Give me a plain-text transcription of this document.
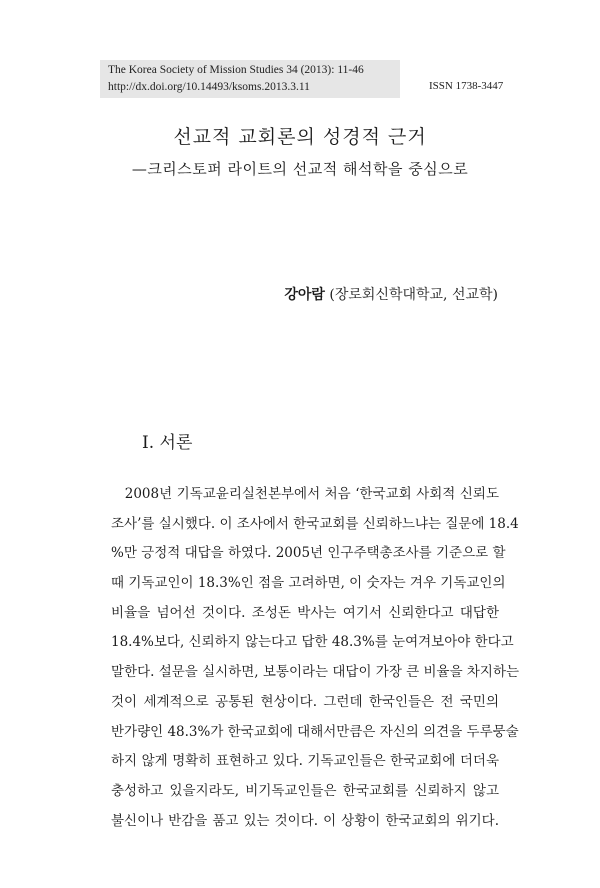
The Korea Society of Mission Studies 34 (2013): 11-46
http://dx.doi.org/10.14493/ksoms.2013.3.11	ISSN 1738-3447
선교적 교회론의 성경적 근거
—크리스토퍼 라이트의 선교적 해석학을 중심으로
강아람 (장로회신학대학교, 선교학)
Ⅰ. 서론
　2008년 기독교윤리실천본부에서 처음 ‘한국교회 사회적 신뢰도
조사’를 실시했다. 이 조사에서 한국교회를 신뢰하느냐는 질문에 18.4
%만 긍정적 대답을 하였다. 2005년 인구주택총조사를 기준으로 할
때 기독교인이 18.3%인 점을 고려하면, 이 숫자는 겨우 기독교인의
비율을 넘어선 것이다. 조성돈 박사는 여기서 신뢰한다고 대답한
18.4%보다, 신뢰하지 않는다고 답한 48.3%를 눈여겨보아야 한다고
말한다. 설문을 실시하면, 보통이라는 대답이 가장 큰 비율을 차지하는
것이 세계적으로 공통된 현상이다. 그런데 한국인들은 전 국민의
반가량인 48.3%가 한국교회에 대해서만큼은 자신의 의견을 두루뭉술
하지 않게 명확히 표현하고 있다. 기독교인들은 한국교회에 더더욱
충성하고 있을지라도, 비기독교인들은 한국교회를 신뢰하지 않고
불신이나 반감을 품고 있는 것이다. 이 상황이 한국교회의 위기다.
